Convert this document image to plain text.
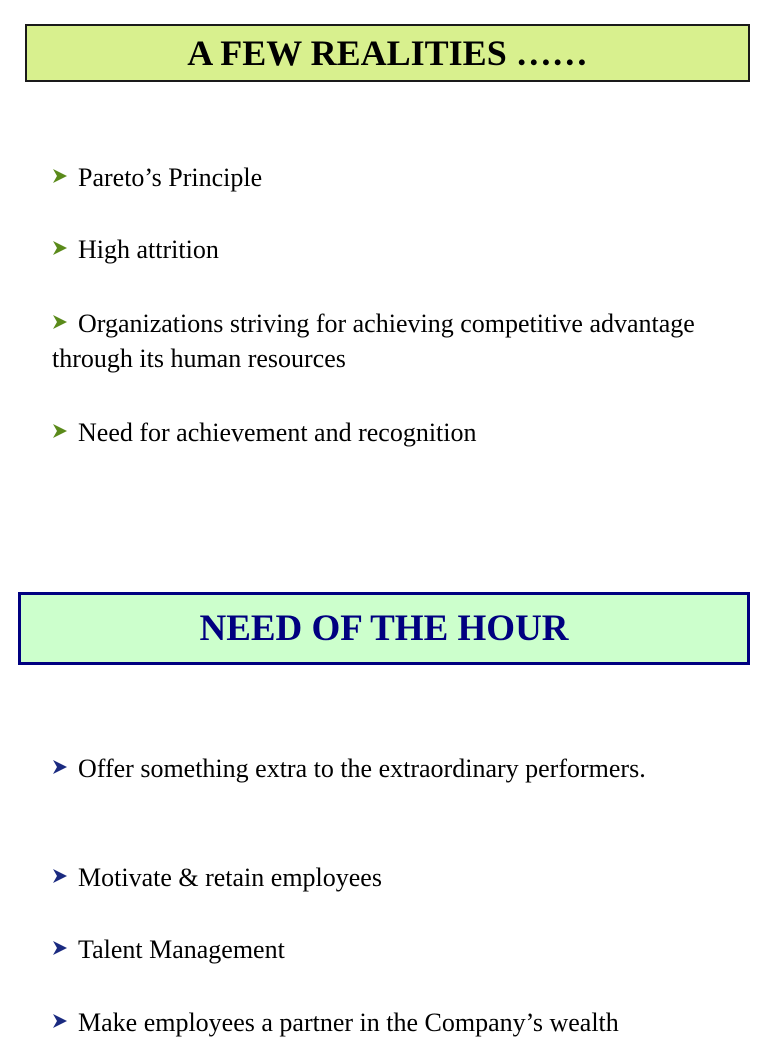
A FEW REALITIES ……
Pareto’s Principle
High attrition
Organizations striving for achieving competitive advantage through its human resources
Need for achievement and recognition
NEED OF THE HOUR
Offer something extra to the extraordinary performers.
Motivate & retain employees
Talent Management
Make employees a partner in the Company’s wealth
